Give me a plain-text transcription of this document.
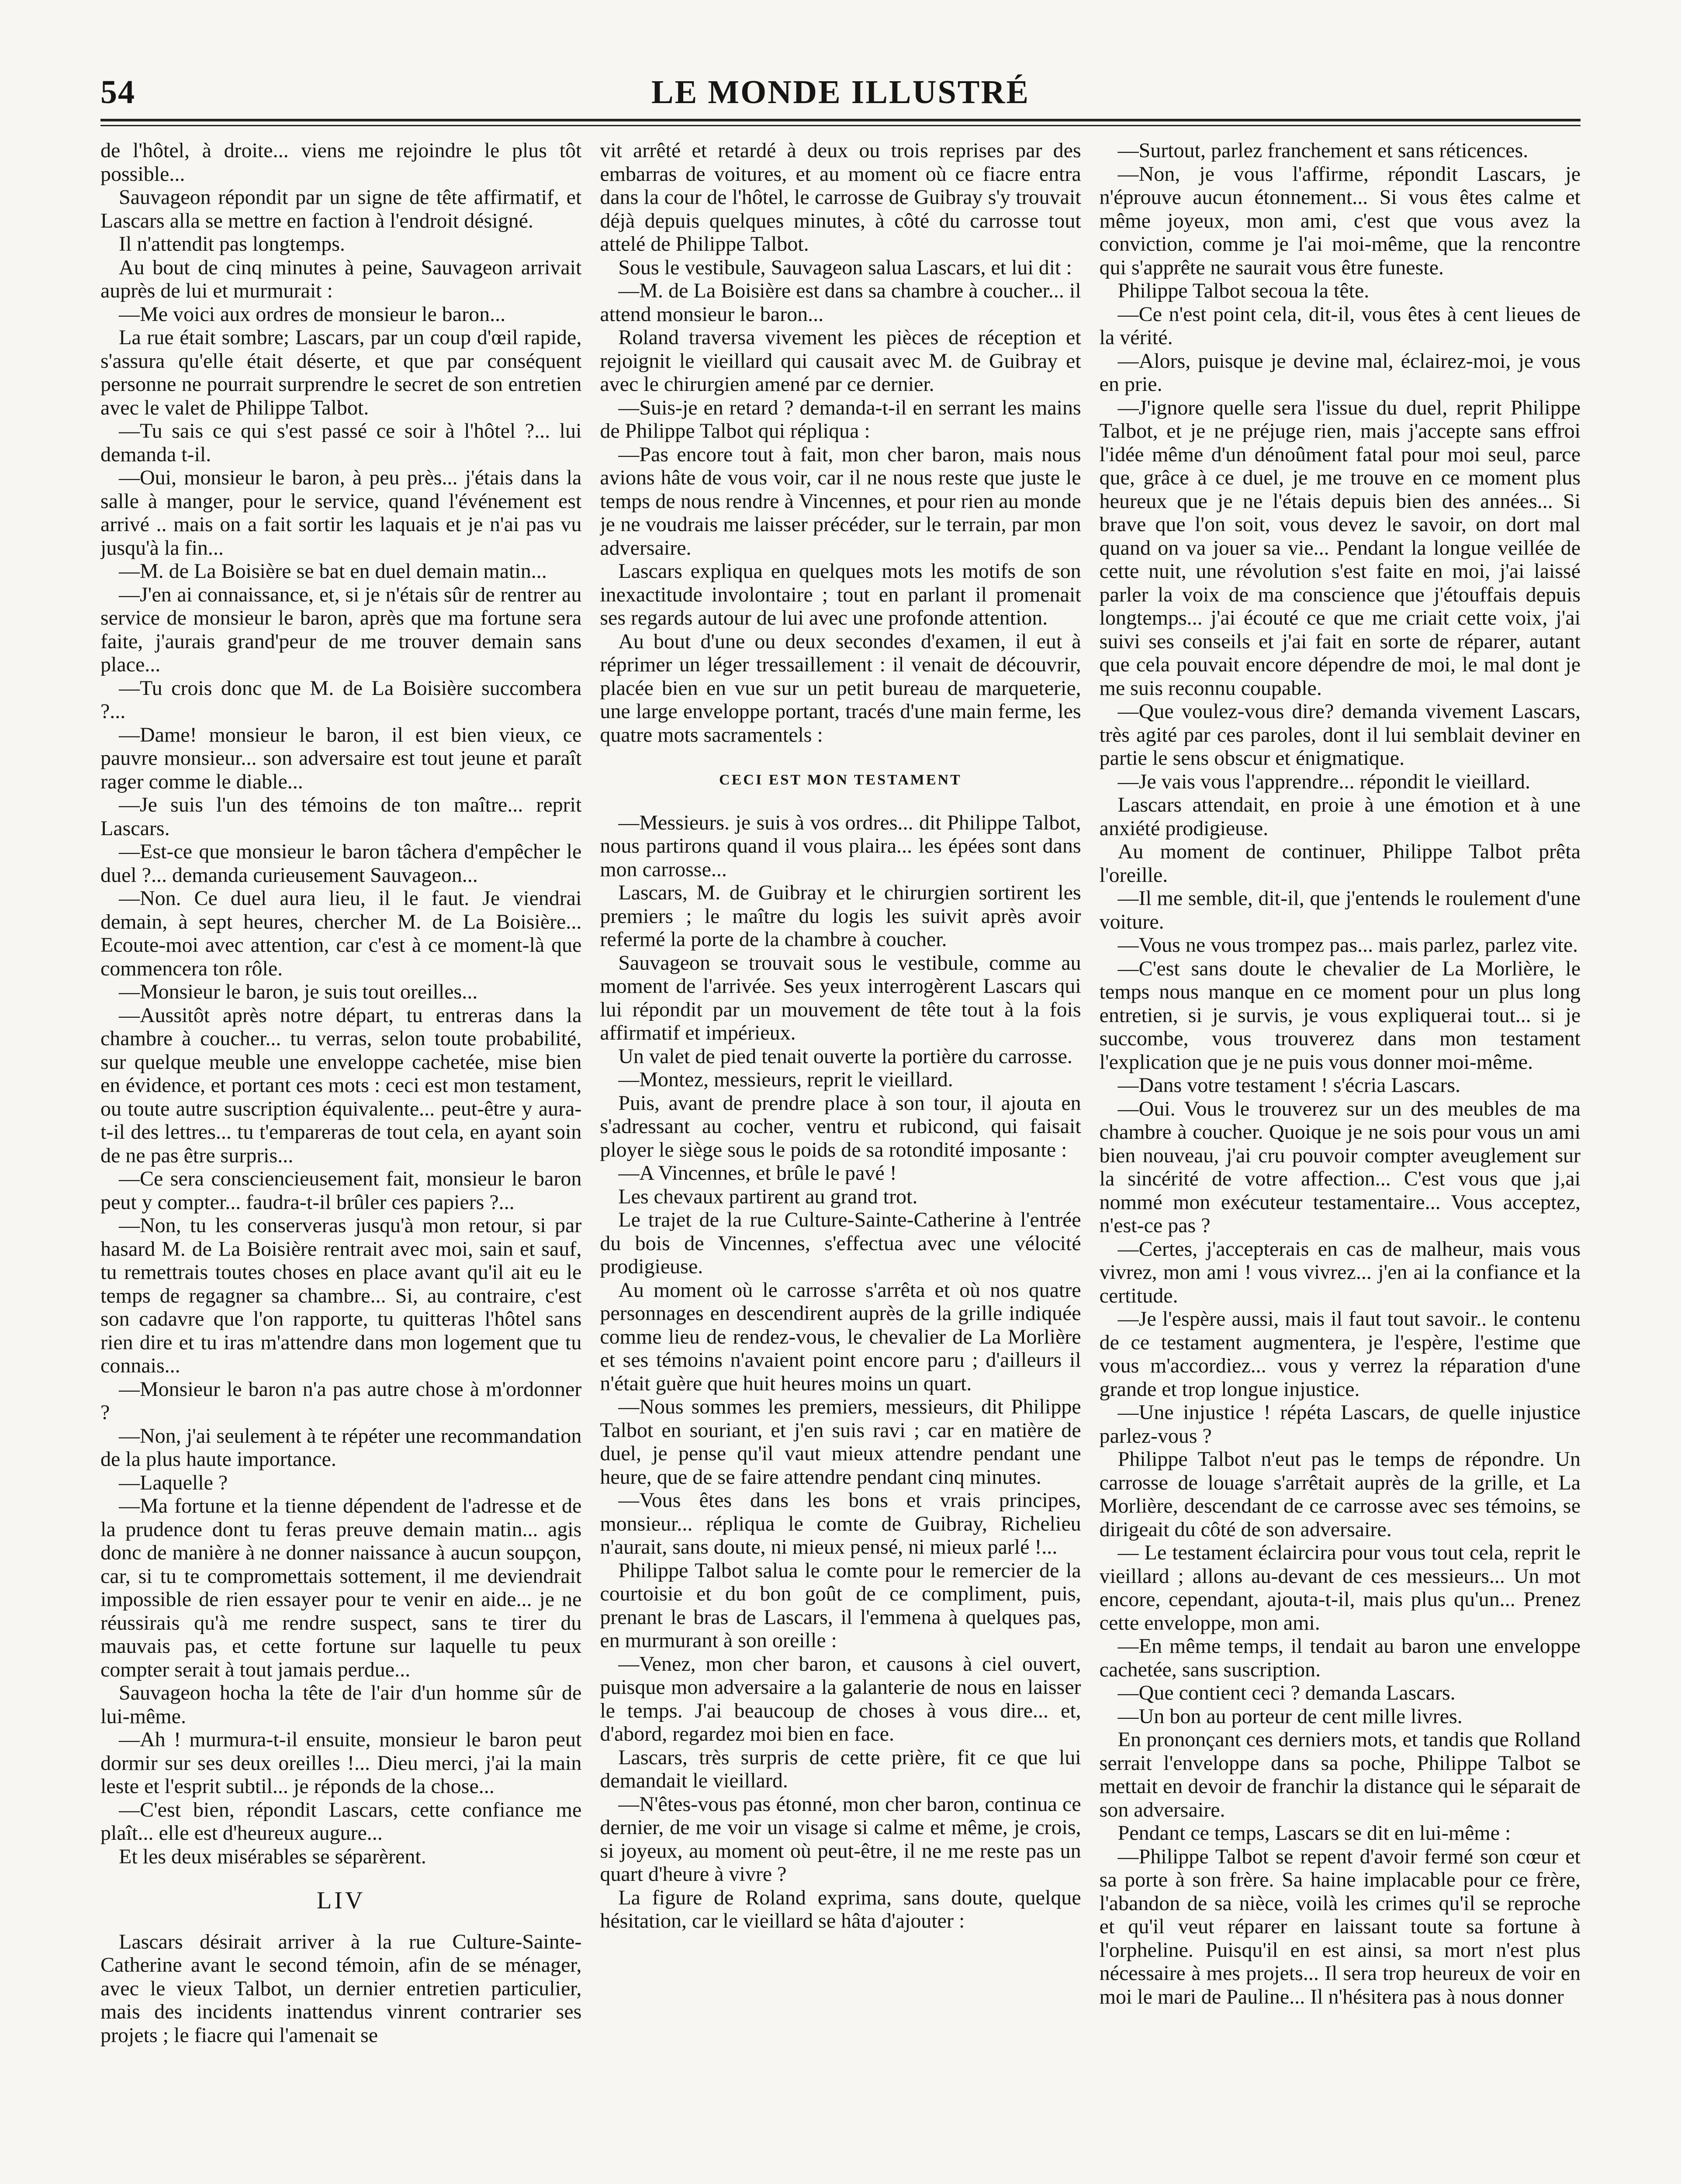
54	LE MONDE ILLUSTRÉ

de l'hôtel, à droite... viens me rejoindre le plus tôt possible...

Sauvageon répondit par un signe de tête affirmatif, et Lascars alla se mettre en faction à l'endroit désigné.

Il n'attendit pas longtemps.

Au bout de cinq minutes à peine, Sauvageon arrivait auprès de lui et murmurait :

—Me voici aux ordres de monsieur le baron...

La rue était sombre; Lascars, par un coup d'œil rapide, s'assura qu'elle était déserte, et que par conséquent personne ne pourrait surprendre le secret de son entretien avec le valet de Philippe Talbot.

—Tu sais ce qui s'est passé ce soir à l'hôtel ?... lui demanda t-il.

—Oui, monsieur le baron, à peu près... j'étais dans la salle à manger, pour le service, quand l'événement est arrivé .. mais on a fait sortir les laquais et je n'ai pas vu jusqu'à la fin...

—M. de La Boisière se bat en duel demain matin...

—J'en ai connaissance, et, si je n'étais sûr de rentrer au service de monsieur le baron, après que ma fortune sera faite, j'aurais grand'peur de me trouver demain sans place...

—Tu crois donc que M. de La Boisière succombera ?...

—Dame! monsieur le baron, il est bien vieux, ce pauvre monsieur... son adversaire est tout jeune et paraît rager comme le diable...

—Je suis l'un des témoins de ton maître... reprit Lascars.

—Est-ce que monsieur le baron tâchera d'empêcher le duel ?... demanda curieusement Sauvageon...

—Non. Ce duel aura lieu, il le faut. Je viendrai demain, à sept heures, chercher M. de La Boisière... Ecoute-moi avec attention, car c'est à ce moment-là que commencera ton rôle.

—Monsieur le baron, je suis tout oreilles...

—Aussitôt après notre départ, tu entreras dans la chambre à coucher... tu verras, selon toute probabilité, sur quelque meuble une enveloppe cachetée, mise bien en évidence, et portant ces mots : ceci est mon testament, ou toute autre suscription équivalente... peut-être y aura-t-il des lettres... tu t'empareras de tout cela, en ayant soin de ne pas être surpris...

—Ce sera consciencieusement fait, monsieur le baron peut y compter... faudra-t-il brûler ces papiers ?...

—Non, tu les conserveras jusqu'à mon retour, si par hasard M. de La Boisière rentrait avec moi, sain et sauf, tu remettrais toutes choses en place avant qu'il ait eu le temps de regagner sa chambre... Si, au contraire, c'est son cadavre que l'on rapporte, tu quitteras l'hôtel sans rien dire et tu iras m'attendre dans mon logement que tu connais...

—Monsieur le baron n'a pas autre chose à m'ordonner ?

—Non, j'ai seulement à te répéter une recommandation de la plus haute importance.

—Laquelle ?

—Ma fortune et la tienne dépendent de l'adresse et de la prudence dont tu feras preuve demain matin... agis donc de manière à ne donner naissance à aucun soupçon, car, si tu te compromettais sottement, il me deviendrait impossible de rien essayer pour te venir en aide... je ne réussirais qu'à me rendre suspect, sans te tirer du mauvais pas, et cette fortune sur laquelle tu peux compter serait à tout jamais perdue...

Sauvageon hocha la tête de l'air d'un homme sûr de lui-même.

—Ah ! murmura-t-il ensuite, monsieur le baron peut dormir sur ses deux oreilles !... Dieu merci, j'ai la main leste et l'esprit subtil... je réponds de la chose...

—C'est bien, répondit Lascars, cette confiance me plaît... elle est d'heureux augure...

Et les deux misérables se séparèrent.

LIV

Lascars désirait arriver à la rue Culture-Sainte-Catherine avant le second témoin, afin de se ménager, avec le vieux Talbot, un dernier entretien particulier, mais des incidents inattendus vinrent contrarier ses projets ; le fiacre qui l'amenait se

vit arrêté et retardé à deux ou trois reprises par des embarras de voitures, et au moment où ce fiacre entra dans la cour de l'hôtel, le carrosse de Guibray s'y trouvait déjà depuis quelques minutes, à côté du carrosse tout attelé de Philippe Talbot.

Sous le vestibule, Sauvageon salua Lascars, et lui dit :

—M. de La Boisière est dans sa chambre à coucher... il attend monsieur le baron...

Roland traversa vivement les pièces de réception et rejoignit le vieillard qui causait avec M. de Guibray et avec le chirurgien amené par ce dernier.

—Suis-je en retard ? demanda-t-il en serrant les mains de Philippe Talbot qui répliqua :

—Pas encore tout à fait, mon cher baron, mais nous avions hâte de vous voir, car il ne nous reste que juste le temps de nous rendre à Vincennes, et pour rien au monde je ne voudrais me laisser précéder, sur le terrain, par mon adversaire.

Lascars expliqua en quelques mots les motifs de son inexactitude involontaire ; tout en parlant il promenait ses regards autour de lui avec une profonde attention.

Au bout d'une ou deux secondes d'examen, il eut à réprimer un léger tressaillement : il venait de découvrir, placée bien en vue sur un petit bureau de marqueterie, une large enveloppe portant, tracés d'une main ferme, les quatre mots sacramentels :

CECI EST MON TESTAMENT

—Messieurs. je suis à vos ordres... dit Philippe Talbot, nous partirons quand il vous plaira... les épées sont dans mon carrosse...

Lascars, M. de Guibray et le chirurgien sortirent les premiers ; le maître du logis les suivit après avoir refermé la porte de la chambre à coucher.

Sauvageon se trouvait sous le vestibule, comme au moment de l'arrivée. Ses yeux interrogèrent Lascars qui lui répondit par un mouvement de tête tout à la fois affirmatif et impérieux.

Un valet de pied tenait ouverte la portière du carrosse.

—Montez, messieurs, reprit le vieillard.

Puis, avant de prendre place à son tour, il ajouta en s'adressant au cocher, ventru et rubicond, qui faisait ployer le siège sous le poids de sa rotondité imposante :

—A Vincennes, et brûle le pavé !

Les chevaux partirent au grand trot.

Le trajet de la rue Culture-Sainte-Catherine à l'entrée du bois de Vincennes, s'effectua avec une vélocité prodigieuse.

Au moment où le carrosse s'arrêta et où nos quatre personnages en descendirent auprès de la grille indiquée comme lieu de rendez-vous, le chevalier de La Morlière et ses témoins n'avaient point encore paru ; d'ailleurs il n'était guère que huit heures moins un quart.

—Nous sommes les premiers, messieurs, dit Philippe Talbot en souriant, et j'en suis ravi ; car en matière de duel, je pense qu'il vaut mieux attendre pendant une heure, que de se faire attendre pendant cinq minutes.

—Vous êtes dans les bons et vrais principes, monsieur... répliqua le comte de Guibray, Richelieu n'aurait, sans doute, ni mieux pensé, ni mieux parlé !...

Philippe Talbot salua le comte pour le remercier de la courtoisie et du bon goût de ce compliment, puis, prenant le bras de Lascars, il l'emmena à quelques pas, en murmurant à son oreille :

—Venez, mon cher baron, et causons à ciel ouvert, puisque mon adversaire a la galanterie de nous en laisser le temps. J'ai beaucoup de choses à vous dire... et, d'abord, regardez moi bien en face.

Lascars, très surpris de cette prière, fit ce que lui demandait le vieillard.

—N'êtes-vous pas étonné, mon cher baron, continua ce dernier, de me voir un visage si calme et même, je crois, si joyeux, au moment où peut-être, il ne me reste pas un quart d'heure à vivre ?

La figure de Roland exprima, sans doute, quelque hésitation, car le vieillard se hâta d'ajouter :

—Surtout, parlez franchement et sans réticences.

—Non, je vous l'affirme, répondit Lascars, je n'éprouve aucun étonnement... Si vous êtes calme et même joyeux, mon ami, c'est que vous avez la conviction, comme je l'ai moi-même, que la rencontre qui s'apprête ne saurait vous être funeste.

Philippe Talbot secoua la tête.

—Ce n'est point cela, dit-il, vous êtes à cent lieues de la vérité.

—Alors, puisque je devine mal, éclairez-moi, je vous en prie.

—J'ignore quelle sera l'issue du duel, reprit Philippe Talbot, et je ne préjuge rien, mais j'accepte sans effroi l'idée même d'un dénoûment fatal pour moi seul, parce que, grâce à ce duel, je me trouve en ce moment plus heureux que je ne l'étais depuis bien des années... Si brave que l'on soit, vous devez le savoir, on dort mal quand on va jouer sa vie... Pendant la longue veillée de cette nuit, une révolution s'est faite en moi, j'ai laissé parler la voix de ma conscience que j'étouffais depuis longtemps... j'ai écouté ce que me criait cette voix, j'ai suivi ses conseils et j'ai fait en sorte de réparer, autant que cela pouvait encore dépendre de moi, le mal dont je me suis reconnu coupable.

—Que voulez-vous dire? demanda vivement Lascars, très agité par ces paroles, dont il lui semblait deviner en partie le sens obscur et énigmatique.

—Je vais vous l'apprendre... répondit le vieillard.

Lascars attendait, en proie à une émotion et à une anxiété prodigieuse.

Au moment de continuer, Philippe Talbot prêta l'oreille.

—Il me semble, dit-il, que j'entends le roulement d'une voiture.

—Vous ne vous trompez pas... mais parlez, parlez vite.

—C'est sans doute le chevalier de La Morlière, le temps nous manque en ce moment pour un plus long entretien, si je survis, je vous expliquerai tout... si je succombe, vous trouverez dans mon testament l'explication que je ne puis vous donner moi-même.

—Dans votre testament ! s'écria Lascars.

—Oui. Vous le trouverez sur un des meubles de ma chambre à coucher. Quoique je ne sois pour vous un ami bien nouveau, j'ai cru pouvoir compter aveuglement sur la sincérité de votre affection... C'est vous que j,ai nommé mon exécuteur testamentaire... Vous acceptez, n'est-ce pas ?

—Certes, j'accepterais en cas de malheur, mais vous vivrez, mon ami ! vous vivrez... j'en ai la confiance et la certitude.

—Je l'espère aussi, mais il faut tout savoir.. le contenu de ce testament augmentera, je l'espère, l'estime que vous m'accordiez... vous y verrez la réparation d'une grande et trop longue injustice.

—Une injustice ! répéta Lascars, de quelle injustice parlez-vous ?

Philippe Talbot n'eut pas le temps de répondre. Un carrosse de louage s'arrêtait auprès de la grille, et La Morlière, descendant de ce carrosse avec ses témoins, se dirigeait du côté de son adversaire.

— Le testament éclaircira pour vous tout cela, reprit le vieillard ; allons au-devant de ces messieurs... Un mot encore, cependant, ajouta-t-il, mais plus qu'un... Prenez cette enveloppe, mon ami.

—En même temps, il tendait au baron une enveloppe cachetée, sans suscription.

—Que contient ceci ? demanda Lascars.

—Un bon au porteur de cent mille livres.

En prononçant ces derniers mots, et tandis que Rolland serrait l'enveloppe dans sa poche, Philippe Talbot se mettait en devoir de franchir la distance qui le séparait de son adversaire.

Pendant ce temps, Lascars se dit en lui-même :

—Philippe Talbot se repent d'avoir fermé son cœur et sa porte à son frère. Sa haine implacable pour ce frère, l'abandon de sa nièce, voilà les crimes qu'il se reproche et qu'il veut réparer en laissant toute sa fortune à l'orpheline. Puisqu'il en est ainsi, sa mort n'est plus nécessaire à mes projets... Il sera trop heureux de voir en moi le mari de Pauline... Il n'hésitera pas à nous donner
